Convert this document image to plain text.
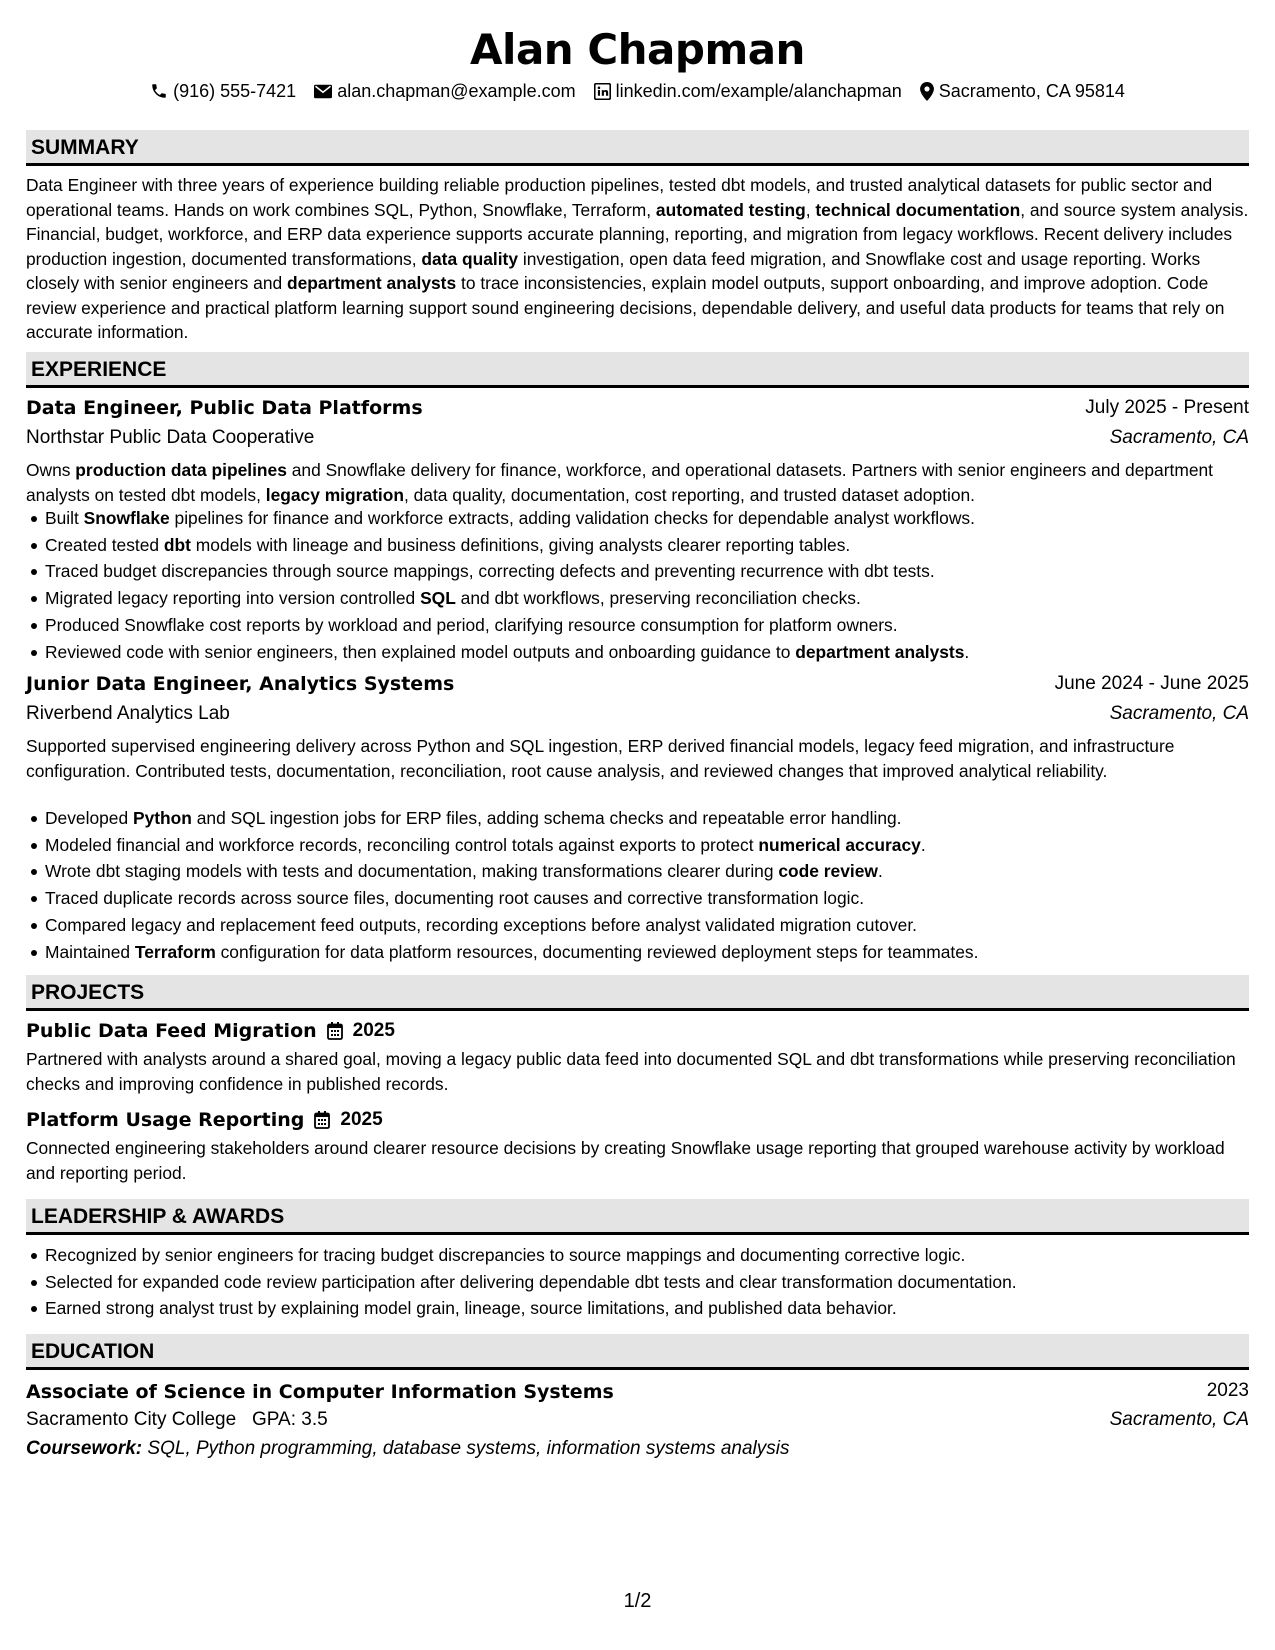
Alan Chapman
(916) 555-7421 alan.chapman@example.com linkedin.com/example/alanchapman Sacramento, CA 95814
SUMMARY

Data Engineer with three years of experience building reliable production pipelines, tested dbt models, and trusted analytical datasets for public sector and operational teams. Hands on work combines SQL, Python, Snowflake, Terraform, automated testing, technical documentation, and source system analysis. Financial, budget, workforce, and ERP data experience supports accurate planning, reporting, and migration from legacy workflows. Recent delivery includes production ingestion, documented transformations, data quality investigation, open data feed migration, and Snowflake cost and usage reporting. Works closely with senior engineers and department analysts to trace inconsistencies, explain model outputs, support onboarding, and improve adoption. Code review experience and practical platform learning support sound engineering decisions, dependable delivery, and useful data products for teams that rely on accurate information.

EXPERIENCE
Data Engineer, Public Data Platforms	July 2025 - Present
Northstar Public Data Cooperative	Sacramento, CA

Owns production data pipelines and Snowflake delivery for finance, workforce, and operational datasets. Partners with senior engineers and department analysts on tested dbt models, legacy migration, data quality, documentation, cost reporting, and trusted dataset adoption.

Built Snowflake pipelines for finance and workforce extracts, adding validation checks for dependable analyst workflows.
Created tested dbt models with lineage and business definitions, giving analysts clearer reporting tables.
Traced budget discrepancies through source mappings, correcting defects and preventing recurrence with dbt tests.
Migrated legacy reporting into version controlled SQL and dbt workflows, preserving reconciliation checks.
Produced Snowflake cost reports by workload and period, clarifying resource consumption for platform owners.
Reviewed code with senior engineers, then explained model outputs and onboarding guidance to department analysts.
Junior Data Engineer, Analytics Systems	June 2024 - June 2025
Riverbend Analytics Lab	Sacramento, CA

Supported supervised engineering delivery across Python and SQL ingestion, ERP derived financial models, legacy feed migration, and infrastructure configuration. Contributed tests, documentation, reconciliation, root cause analysis, and reviewed changes that improved analytical reliability.

Developed Python and SQL ingestion jobs for ERP files, adding schema checks and repeatable error handling.
Modeled financial and workforce records, reconciling control totals against exports to protect numerical accuracy.
Wrote dbt staging models with tests and documentation, making transformations clearer during code review.
Traced duplicate records across source files, documenting root causes and corrective transformation logic.
Compared legacy and replacement feed outputs, recording exceptions before analyst validated migration cutover.
Maintained Terraform configuration for data platform resources, documenting reviewed deployment steps for teammates.
PROJECTS
Public Data Feed Migration 2025

Partnered with analysts around a shared goal, moving a legacy public data feed into documented SQL and dbt transformations while preserving reconciliation checks and improving confidence in published records.

Platform Usage Reporting 2025

Connected engineering stakeholders around clearer resource decisions by creating Snowflake usage reporting that grouped warehouse activity by workload and reporting period.

LEADERSHIP & AWARDS
Recognized by senior engineers for tracing budget discrepancies to source mappings and documenting corrective logic.
Selected for expanded code review participation after delivering dependable dbt tests and clear transformation documentation.
Earned strong analyst trust by explaining model grain, lineage, source limitations, and published data behavior.
EDUCATION
Associate of Science in Computer Information Systems	2023
Sacramento City College GPA: 3.5	Sacramento, CA
Coursework: SQL, Python programming, database systems, information systems analysis
1/2
